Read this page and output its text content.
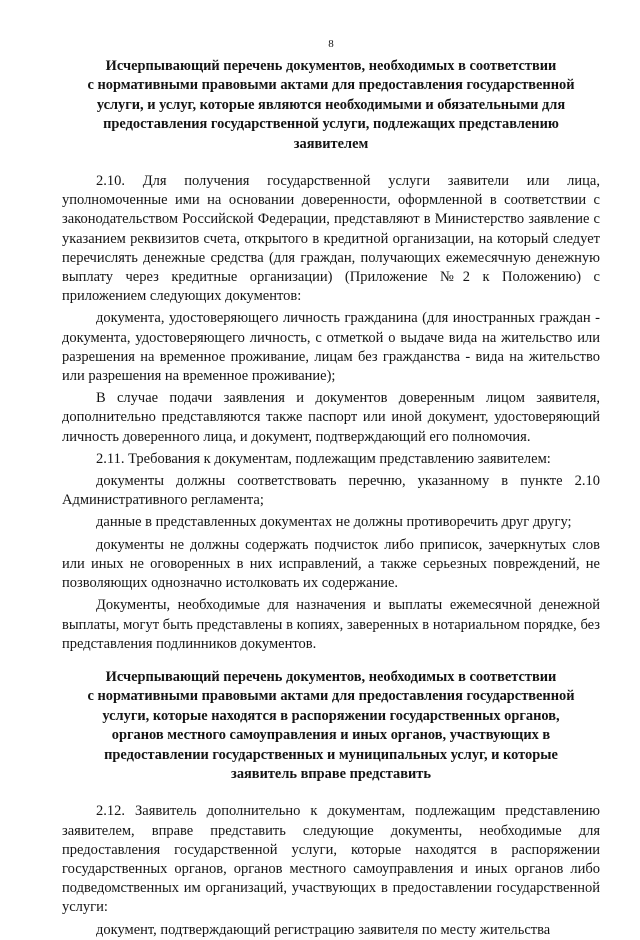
8
Исчерпывающий перечень документов, необходимых в соответствии
с нормативными правовыми актами для предоставления государственной
услуги, и услуг, которые являются необходимыми и обязательными для
предоставления государственной услуги, подлежащих представлению
заявителем

2.10. Для получения государственной услуги заявители или лица, уполномоченные ими на основании доверенности, оформленной в соответствии с законодательством Российской Федерации, представляют в Министерство заявление с указанием реквизитов счета, открытого в кредитной организации, на который следует перечислять денежные средства (для граждан, получающих ежемесячную денежную выплату через кредитные организации) (Приложение №2 к Положению) с приложением следующих документов:

документа, удостоверяющего личность гражданина (для иностранных граждан - документа, удостоверяющего личность, с отметкой о выдаче вида на жительство или разрешения на временное проживание, лицам без гражданства - вида на жительство или разрешения на временное проживание);

В случае подачи заявления и документов доверенным лицом заявителя, дополнительно представляются также паспорт или иной документ, удостоверяющий личность доверенного лица, и документ, подтверждающий его полномочия.

2.11. Требования к документам, подлежащим представлению заявителем:

документы должны соответствовать перечню, указанному в пункте 2.10 Административного регламента;

данные в представленных документах не должны противоречить друг другу;

документы не должны содержать подчисток либо приписок, зачеркнутых слов или иных не оговоренных в них исправлений, а также серьезных повреждений, не позволяющих однозначно истолковать их содержание.

Документы, необходимые для назначения и выплаты ежемесячной денежной выплаты, могут быть представлены в копиях, заверенных в нотариальном порядке, без представления подлинников документов.

Исчерпывающий перечень документов, необходимых в соответствии
с нормативными правовыми актами для предоставления государственной
услуги, которые находятся в распоряжении государственных органов,
органов местного самоуправления и иных органов, участвующих в
предоставлении государственных и муниципальных услуг, и которые
заявитель вправе представить

2.12. Заявитель дополнительно к документам, подлежащим представлению заявителем, вправе представить следующие документы, необходимые для предоставления государственной услуги, которые находятся в распоряжении государственных органов, органов местного самоуправления и иных органов либо подведомственных им организаций, участвующих в предоставлении государственной услуги:

документ, подтверждающий регистрацию заявителя по месту жительства
